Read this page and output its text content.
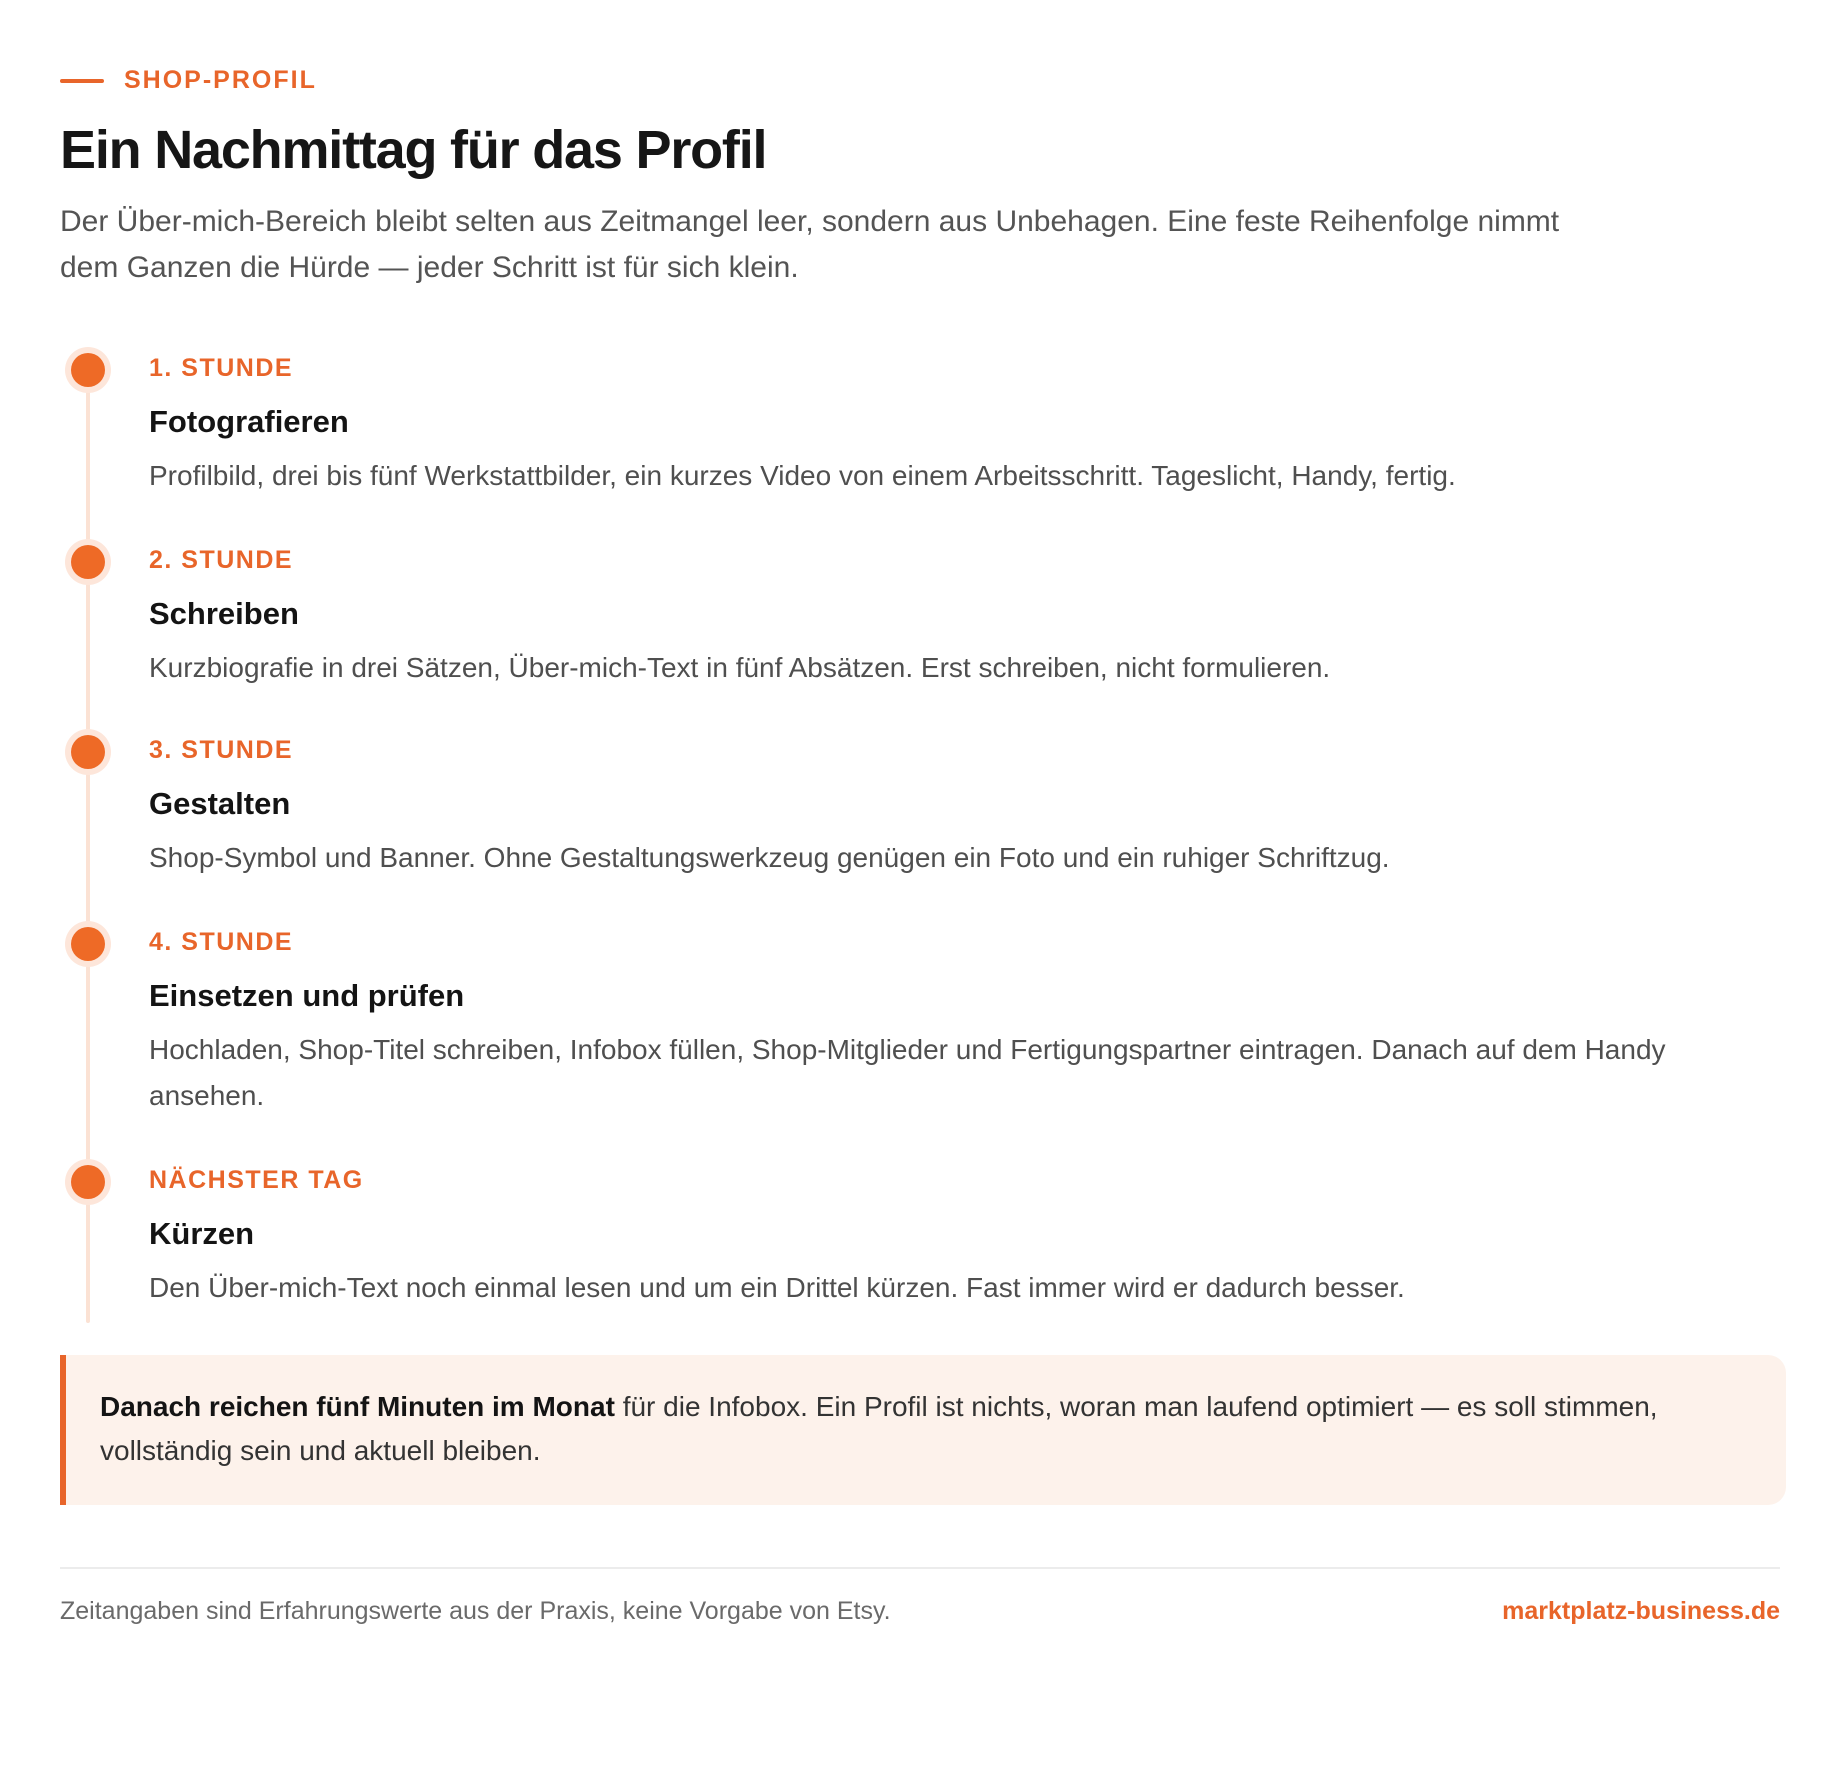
SHOP-PROFIL
Ein Nachmittag für das Profil

Der Über-mich-Bereich bleibt selten aus Zeitmangel leer, sondern aus Unbehagen. Eine feste Reihenfolge nimmt dem Ganzen die Hürde — jeder Schritt ist für sich klein.

1. STUNDE
Fotografieren
Profilbild, drei bis fünf Werkstattbilder, ein kurzes Video von einem Arbeitsschritt. Tageslicht, Handy, fertig.
2. STUNDE
Schreiben
Kurzbiografie in drei Sätzen, Über-mich-Text in fünf Absätzen. Erst schreiben, nicht formulieren.
3. STUNDE
Gestalten
Shop-Symbol und Banner. Ohne Gestaltungswerkzeug genügen ein Foto und ein ruhiger Schriftzug.
4. STUNDE
Einsetzen und prüfen
Hochladen, Shop-Titel schreiben, Infobox füllen, Shop-Mitglieder und Fertigungspartner eintragen. Danach auf dem Handy ansehen.
NÄCHSTER TAG
Kürzen
Den Über-mich-Text noch einmal lesen und um ein Drittel kürzen. Fast immer wird er dadurch besser.
Danach reichen fünf Minuten im Monat für die Infobox. Ein Profil ist nichts, woran man laufend optimiert — es soll stimmen, vollständig sein und aktuell bleiben.
Zeitangaben sind Erfahrungswerte aus der Praxis, keine Vorgabe von Etsy.	marktplatz-business.de
